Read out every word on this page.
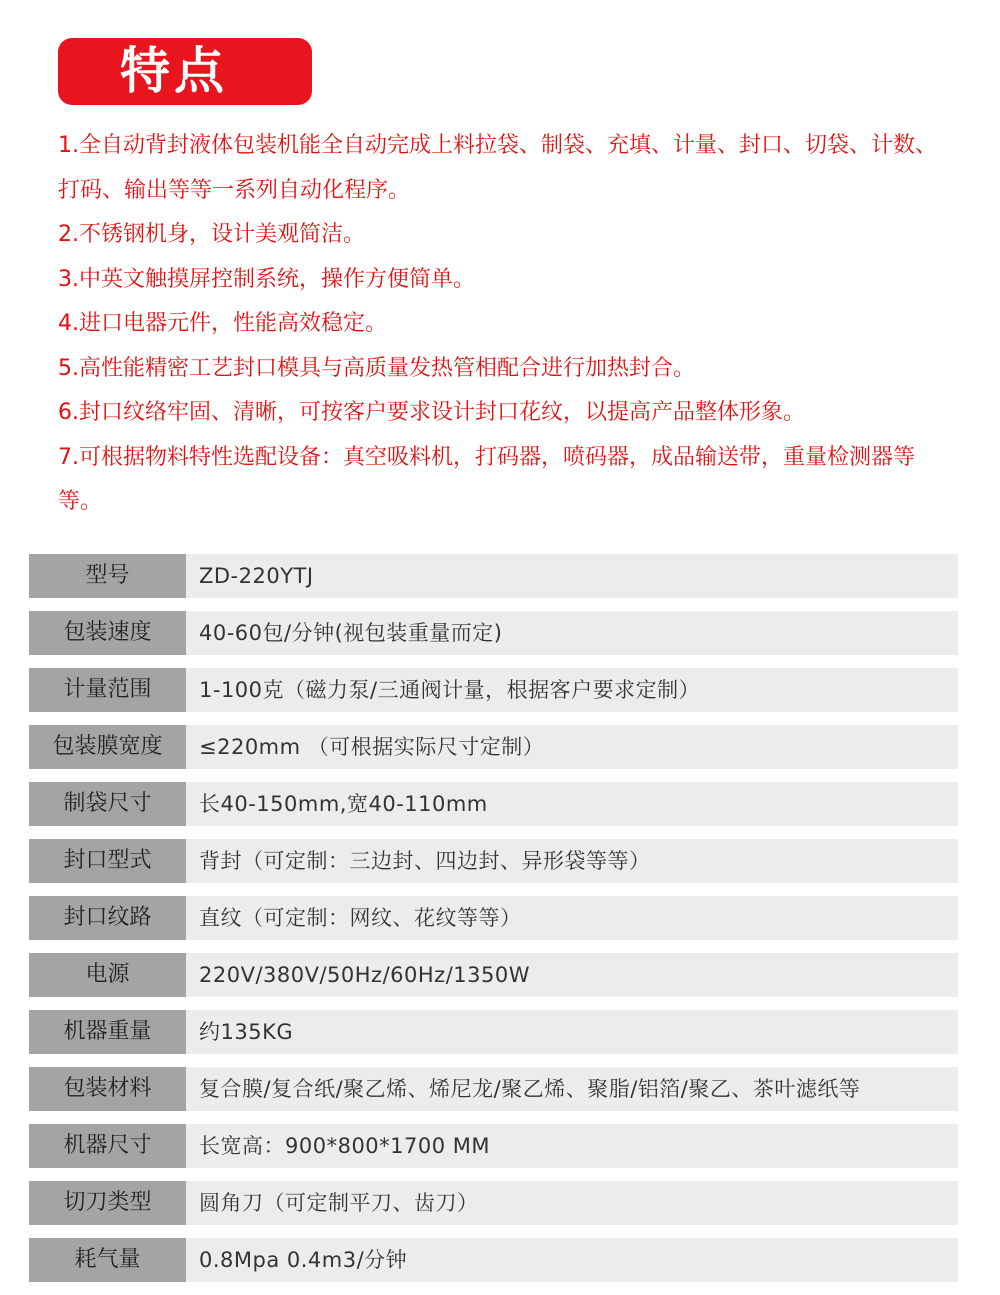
特点

1.全自动背封液体包装机能全自动完成上料拉袋、制袋、充填、计量、封口、切袋、计数、打码、输出等等一系列自动化程序。

2.不锈钢机身，设计美观简洁。

3.中英文触摸屏控制系统，操作方便简单。

4.进口电器元件，性能高效稳定。

5.高性能精密工艺封口模具与高质量发热管相配合进行加热封合。

6.封口纹络牢固、清晰，可按客户要求设计封口花纹，以提高产品整体形象。

7.可根据物料特性选配设备：真空吸料机，打码器，喷码器，成品输送带，重量检测器等等。

型号	ZD-220YTJ
包装速度	40-60包/分钟(视包装重量而定)
计量范围	1-100克（磁力泵/三通阀计量，根据客户要求定制）
包装膜宽度	≤220mm （可根据实际尺寸定制）
制袋尺寸	长40-150mm,宽40-110mm
封口型式	背封（可定制：三边封、四边封、异形袋等等）
封口纹路	直纹（可定制：网纹、花纹等等）
电源	220V/380V/50Hz/60Hz/1350W
机器重量	约135KG
包装材料	复合膜/复合纸/聚乙烯、烯尼龙/聚乙烯、聚脂/铝箔/聚乙、茶叶滤纸等
机器尺寸	长宽高：900*800*1700 MM
切刀类型	圆角刀（可定制平刀、齿刀）
耗气量	0.8Mpa 0.4m3/分钟
